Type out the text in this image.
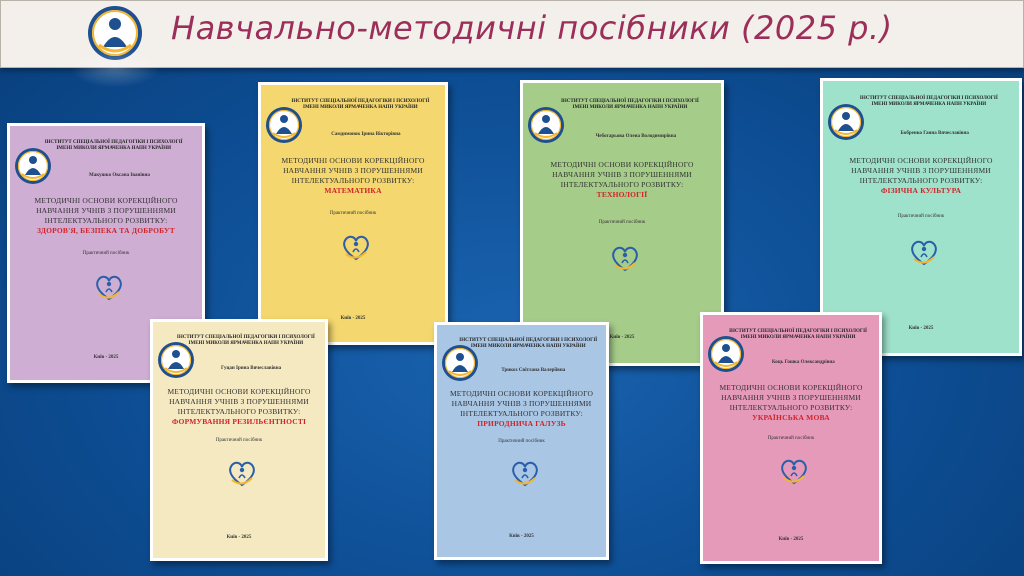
Навчально-методичні посібники (2025 р.)
ІНСТИТУТ СПЕЦІАЛЬНОЇ ПЕДАГОГІКИ І ПСИХОЛОГІЇ
ІМЕНІ МИКОЛИ ЯРМАЧЕНКА НАПН УКРАЇНИ
Макушко Оксана Іванівна
МЕТОДИЧНІ ОСНОВИ КОРЕКЦІЙНОГО НАВЧАННЯ УЧНІВ З ПОРУШЕННЯМИ ІНТЕЛЕКТУАЛЬНОГО РОЗВИТКУ:
ЗДОРОВ'Я, БЕЗПЕКА ТА ДОБРОБУТ
Практичний посібник
Київ - 2025
ІНСТИТУТ СПЕЦІАЛЬНОЇ ПЕДАГОГІКИ І ПСИХОЛОГІЇ
ІМЕНІ МИКОЛИ ЯРМАЧЕНКА НАПН УКРАЇНИ
Самдимонок Ірина Вікторівна
МЕТОДИЧНІ ОСНОВИ КОРЕКЦІЙНОГО НАВЧАННЯ УЧНІВ З ПОРУШЕННЯМИ ІНТЕЛЕКТУАЛЬНОГО РОЗВИТКУ:
МАТЕМАТИКА
Практичний посібник
Київ - 2025
ІНСТИТУТ СПЕЦІАЛЬНОЇ ПЕДАГОГІКИ І ПСИХОЛОГІЇ
ІМЕНІ МИКОЛИ ЯРМАЧЕНКА НАПН УКРАЇНИ
Чеботарьова Олена Володимирівна
МЕТОДИЧНІ ОСНОВИ КОРЕКЦІЙНОГО НАВЧАННЯ УЧНІВ З ПОРУШЕННЯМИ ІНТЕЛЕКТУАЛЬНОГО РОЗВИТКУ:
ТЕХНОЛОГІЇ
Практичний посібник
Київ - 2025
ІНСТИТУТ СПЕЦІАЛЬНОЇ ПЕДАГОГІКИ І ПСИХОЛОГІЇ
ІМЕНІ МИКОЛИ ЯРМАЧЕНКА НАПН УКРАЇНИ
Бобренко Ганна Вячеславівна
МЕТОДИЧНІ ОСНОВИ КОРЕКЦІЙНОГО НАВЧАННЯ УЧНІВ З ПОРУШЕННЯМИ ІНТЕЛЕКТУАЛЬНОГО РОЗВИТКУ:
ФІЗИЧНА КУЛЬТУРА
Практичний посібник
Київ - 2025
ІНСТИТУТ СПЕЦІАЛЬНОЇ ПЕДАГОГІКИ І ПСИХОЛОГІЇ
ІМЕНІ МИКОЛИ ЯРМАЧЕНКА НАПН УКРАЇНИ
Гуцан Ірина Вячеславівна
МЕТОДИЧНІ ОСНОВИ КОРЕКЦІЙНОГО НАВЧАННЯ УЧНІВ З ПОРУШЕННЯМИ ІНТЕЛЕКТУАЛЬНОГО РОЗВИТКУ:
ФОРМУВАННЯ РЕЗИЛЬЄНТНОСТІ
Практичний посібник
Київ - 2025
ІНСТИТУТ СПЕЦІАЛЬНОЇ ПЕДАГОГІКИ І ПСИХОЛОГІЇ
ІМЕНІ МИКОЛИ ЯРМАЧЕНКА НАПН УКРАЇНИ
Трикоз Світлана Валеріївна
МЕТОДИЧНІ ОСНОВИ КОРЕКЦІЙНОГО НАВЧАННЯ УЧНІВ З ПОРУШЕННЯМИ ІНТЕЛЕКТУАЛЬНОГО РОЗВИТКУ:
ПРИРОДНИЧА ГАЛУЗЬ
Практичний посібник
Київ - 2025
ІНСТИТУТ СПЕЦІАЛЬНОЇ ПЕДАГОГІКИ І ПСИХОЛОГІЇ
ІМЕНІ МИКОЛИ ЯРМАЧЕНКА НАПН УКРАЇНИ
Коць Гошка Олександрівна
МЕТОДИЧНІ ОСНОВИ КОРЕКЦІЙНОГО НАВЧАННЯ УЧНІВ З ПОРУШЕННЯМИ ІНТЕЛЕКТУАЛЬНОГО РОЗВИТКУ:
УКРАЇНСЬКА МОВА
Практичний посібник
Київ - 2025
